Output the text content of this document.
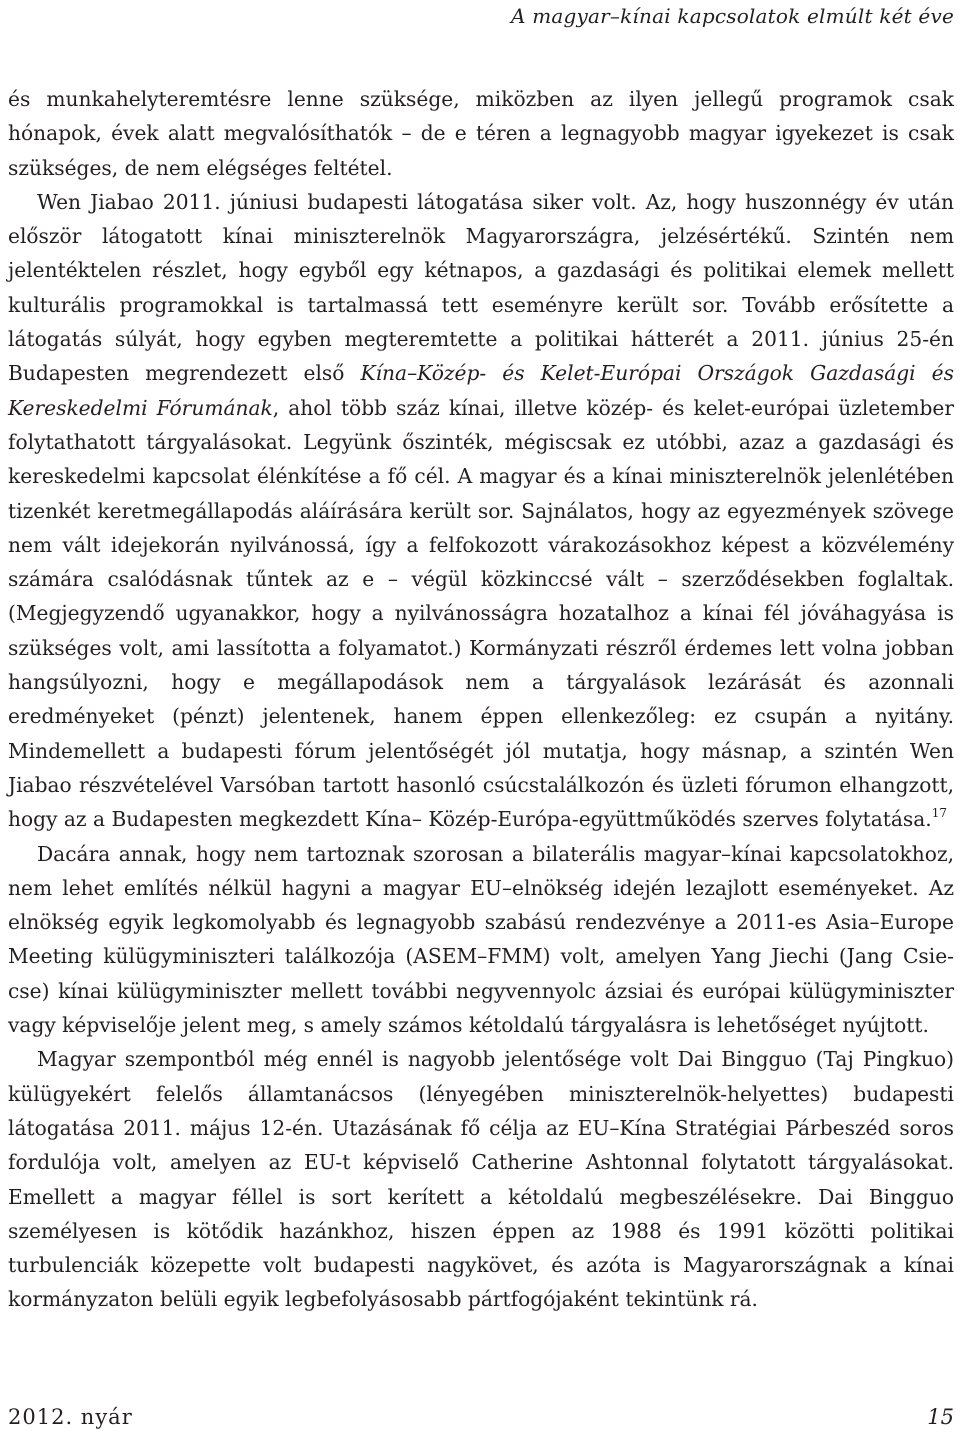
A magyar–kínai kapcsolatok elmúlt két éve

és munkahelyteremtésre lenne szüksége, miközben az ilyen jellegű programok csak hónapok, évek alatt megvalósíthatók – de e téren a legnagyobb magyar igyekezet is csak szükséges, de nem elégséges feltétel.

Wen Jiabao 2011. júniusi budapesti látogatása siker volt. Az, hogy huszonnégy év után először látogatott kínai miniszterelnök Magyarországra, jelzésértékű. Szintén nem jelentéktelen részlet, hogy egyből egy kétnapos, a gazdasági és politikai elemek mellett kulturális programokkal is tartalmassá tett eseményre került sor. Tovább erősítette a látogatás súlyát, hogy egyben megteremtette a politikai hátterét a 2011. június 25-én Budapesten megrendezett első Kína–Közép- és Kelet-Európai Országok Gazdasági és Kereskedelmi Fórumának, ahol több száz kínai, illetve közép- és kelet-európai üzletember folytathatott tárgyalásokat. Legyünk őszinték, mégiscsak ez utóbbi, azaz a gazdasági és kereskedelmi kapcsolat élénkítése a fő cél. A magyar és a kínai miniszterelnök jelenlétében tizenkét keretmegállapodás aláírására került sor. Sajnálatos, hogy az egyezmények szövege nem vált idejekorán nyilvánossá, így a felfokozott várakozásokhoz képest a közvélemény számára csalódásnak tűntek az e – végül közkinccsé vált – szerződésekben foglaltak. (Megjegyzendő ugyanakkor, hogy a nyilvánosságra hozatalhoz a kínai fél jóváhagyása is szükséges volt, ami lassította a folyamatot.) Kormányzati részről érdemes lett volna jobban hangsúlyozni, hogy e megállapodások nem a tárgyalások lezárását és azonnali eredményeket (pénzt) jelentenek, hanem éppen ellenkezőleg: ez csupán a nyitány. Mindemellett a budapesti fórum jelentőségét jól mutatja, hogy másnap, a szintén Wen Jiabao részvételével Varsóban tartott hasonló csúcstalálkozón és üzleti fórumon elhangzott, hogy az a Budapesten megkezdett Kína– Közép-Európa-együttműködés szerves folytatása.$^{17}$

Dacára annak, hogy nem tartoznak szorosan a bilaterális magyar–kínai kapcsolatokhoz, nem lehet említés nélkül hagyni a magyar EU–elnökség idején lezajlott eseményeket. Az elnökség egyik legkomolyabb és legnagyobb szabású rendezvénye a 2011-es Asia–Europe Meeting külügyminiszteri találkozója (ASEM–FMM) volt, amelyen Yang Jiechi (Jang Csie-cse) kínai külügyminiszter mellett további negyvennyolc ázsiai és európai külügyminiszter vagy képviselője jelent meg, s amely számos kétoldalú tárgyalásra is lehetőséget nyújtott.

Magyar szempontból még ennél is nagyobb jelentősége volt Dai Bingguo (Taj Pingkuo) külügyekért felelős államtanácsos (lényegében miniszterelnök-helyettes) budapesti látogatása 2011. május 12-én. Utazásának fő célja az EU–Kína Stratégiai Párbeszéd soros fordulója volt, amelyen az EU-t képviselő Catherine Ashtonnal folytatott tárgyalásokat. Emellett a magyar féllel is sort kerített a kétoldalú megbeszélésekre. Dai Bingguo személyesen is kötődik hazánkhoz, hiszen éppen az 1988 és 1991 közötti politikai turbulenciák közepette volt budapesti nagykövet, és azóta is Magyarországnak a kínai kormányzaton belüli egyik legbefolyásosabb pártfogójaként tekintünk rá.

2012. nyár	15
